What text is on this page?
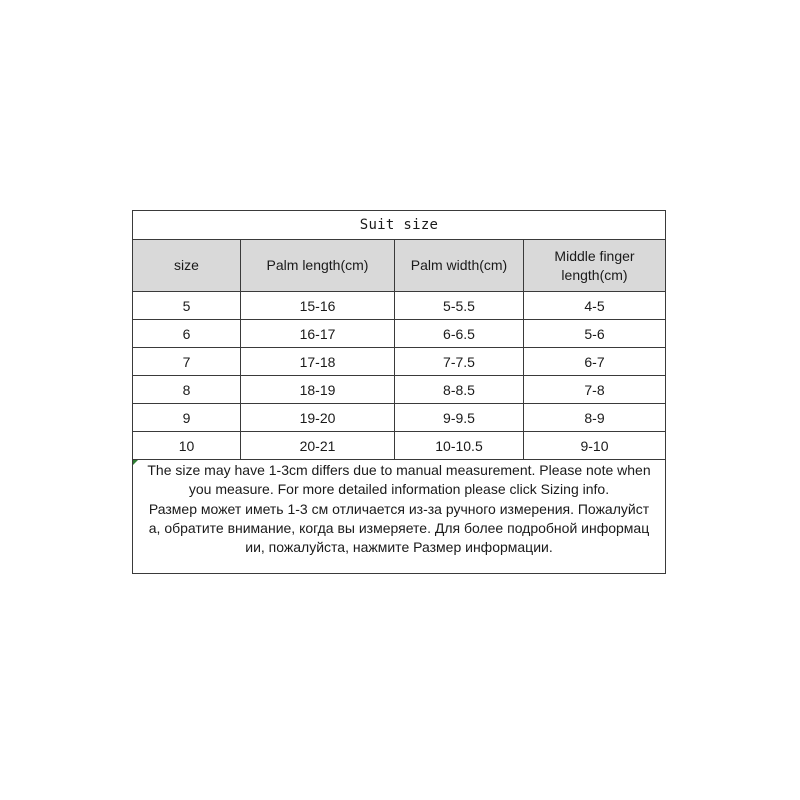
Suit size			
size	Palm length(cm)	Palm width(cm)	Middle finger
length(cm)
5	15-16	5-5.5	4-5
6	16-17	6-6.5	5-6
7	17-18	7-7.5	6-7
8	18-19	8-8.5	7-8
9	19-20	9-9.5	8-9
10	20-21	10-10.5	9-10

The size may have 1-3cm differs due to manual measurement. Please note when
you measure. For more detailed information please click Sizing info.
Размер может иметь 1-3 см отличается из-за ручного измерения. Пожалуйст
а, обратите внимание, когда вы измеряете. Для более подробной информац
ии, пожалуйста, нажмите Размер информации.			
